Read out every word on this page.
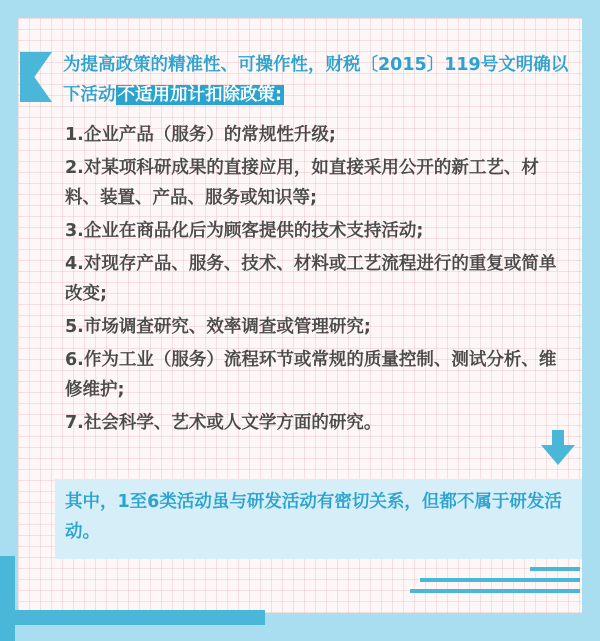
为提高政策的精准性、可操作性，财税〔2015〕119号文明确以下活动 不适用加计扣除政策:

1.企业产品（服务）的常规性升级;
2.对某项科研成果的直接应用，如直接采用公开的新工艺、材料、装置、产品、服务或知识等;
3.企业在商品化后为顾客提供的技术支持活动;
4.对现存产品、服务、技术、材料或工艺流程进行的重复或简单改变;
5.市场调查研究、效率调查或管理研究;
6.作为工业（服务）流程环节或常规的质量控制、测试分析、维修维护;
7.社会科学、艺术或人文学方面的研究。

其中，1至6类活动虽与研发活动有密切关系，但都不属于研发活动。
